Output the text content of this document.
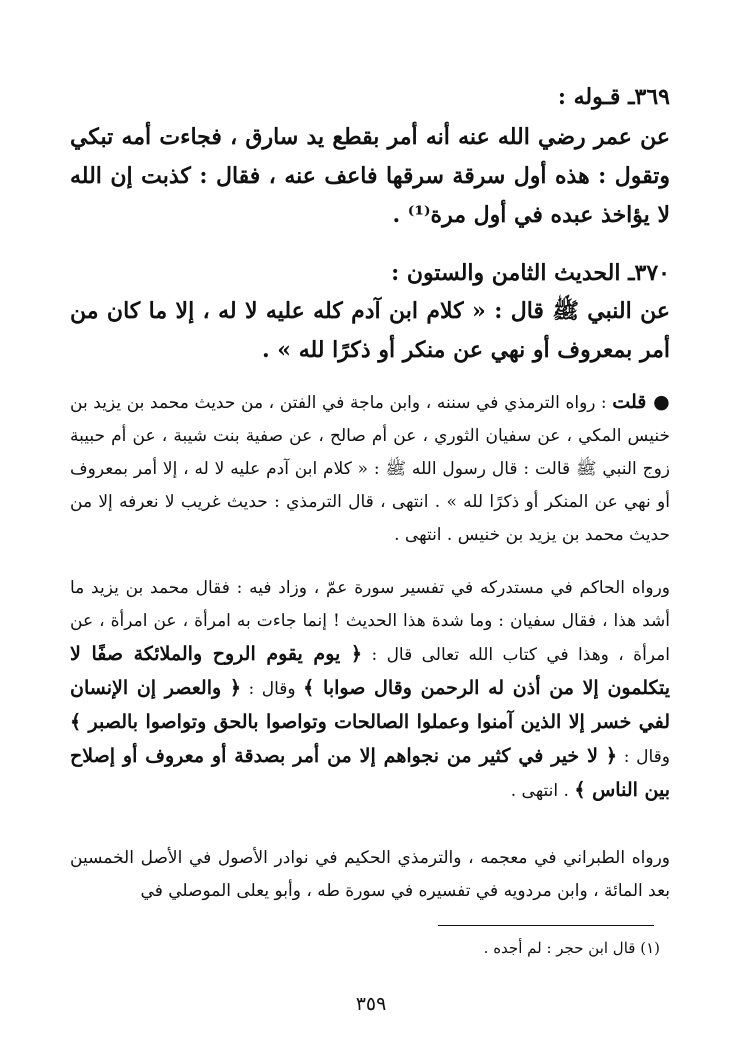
٣٦٩ـ قـوله :
عن عمر رضي الله عنه أنه أمر بقطع يد سارق ، فجاءت أمه تبكي وتقول : هذه أول سرقة سرقها فاعف عنه ، فقال : كذبت إن الله لا يؤاخذ عبده في أول مرة⁽¹⁾ .
٣٧٠ـ الحديث الثامن والستون :
عن النبي ﷺ قال : « كلام ابن آدم كله عليه لا له ، إلا ما كان من أمر بمعروف أو نهي عن منكر أو ذكرًا لله » .
● قلت : رواه الترمذي في سننه ، وابن ماجة في الفتن ، من حديث محمد بن يزيد بن خنيس المكي ، عن سفيان الثوري ، عن أم صالح ، عن صفية بنت شيبة ، عن أم حبيبة زوج النبي ﷺ قالت : قال رسول الله ﷺ : « كلام ابن آدم عليه لا له ، إلا أمر بمعروف أو نهي عن المنكر أو ذكرًا لله » . انتهى ، قال الترمذي : حديث غريب لا نعرفه إلا من حديث محمد بن يزيد بن خنيس . انتهى .
ورواه الحاكم في مستدركه في تفسير سورة عمّ ، وزاد فيه : فقال محمد بن يزيد ما أشد هذا ، فقال سفيان : وما شدة هذا الحديث ! إنما جاءت به امرأة ، عن امرأة ، عن امرأة ، وهذا في كتاب الله تعالى قال : ﴿ يوم يقوم الروح والملائكة صفًا لا يتكلمون إلا من أذن له الرحمن وقال صوابا ﴾ وقال : ﴿ والعصر إن الإنسان لفي خسر إلا الذين آمنوا وعملوا الصالحات وتواصوا بالحق وتواصوا بالصبر ﴾ وقال : ﴿ لا خير في كثير من نجواهم إلا من أمر بصدقة أو معروف أو إصلاح بين الناس ﴾ . انتهى .
ورواه الطبراني في معجمه ، والترمذي الحكيم في نوادر الأصول في الأصل الخمسين بعد المائة ، وابن مردويه في تفسيره في سورة طه ، وأبو يعلى الموصلي في
(١) قال ابن حجر : لم أجده .
٣٥٩
